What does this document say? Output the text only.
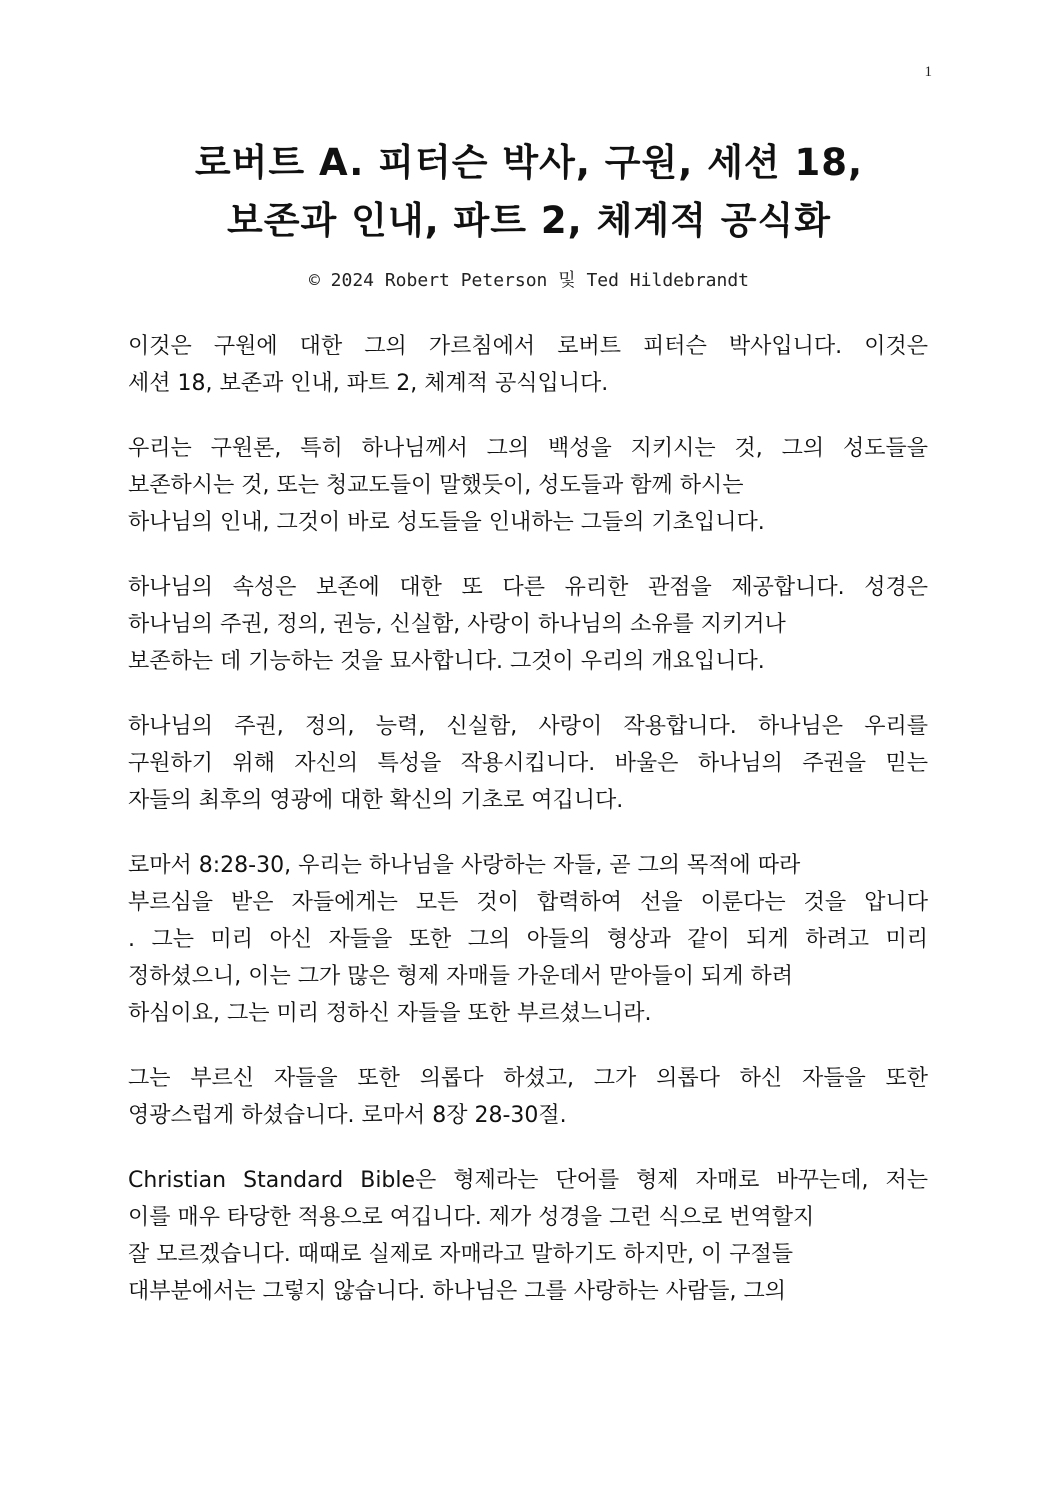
1
로버트 A. 피터슨 박사, 구원, 세션 18,
보존과 인내, 파트 2, 체계적 공식화
© 2024 Robert Peterson 및 Ted Hildebrandt
이것은 구원에 대한 그의 가르침에서 로버트 피터슨 박사입니다. 이것은
세션 18, 보존과 인내, 파트 2, 체계적 공식입니다.
우리는 구원론, 특히 하나님께서 그의 백성을 지키시는 것, 그의 성도들을
보존하시는 것, 또는 청교도들이 말했듯이, 성도들과 함께 하시는
하나님의 인내, 그것이 바로 성도들을 인내하는 그들의 기초입니다.
하나님의 속성은 보존에 대한 또 다른 유리한 관점을 제공합니다. 성경은
하나님의 주권, 정의, 권능, 신실함, 사랑이 하나님의 소유를 지키거나
보존하는 데 기능하는 것을 묘사합니다. 그것이 우리의 개요입니다.
하나님의 주권, 정의, 능력, 신실함, 사랑이 작용합니다. 하나님은 우리를
구원하기 위해 자신의 특성을 작용시킵니다. 바울은 하나님의 주권을 믿는
자들의 최후의 영광에 대한 확신의 기초로 여깁니다.
로마서 8:28-30, 우리는 하나님을 사랑하는 자들, 곧 그의 목적에 따라
부르심을 받은 자들에게는 모든 것이 합력하여 선을 이룬다는 것을 압니다
. 그는 미리 아신 자들을 또한 그의 아들의 형상과 같이 되게 하려고 미리
정하셨으니, 이는 그가 많은 형제 자매들 가운데서 맏아들이 되게 하려
하심이요, 그는 미리 정하신 자들을 또한 부르셨느니라.
그는 부르신 자들을 또한 의롭다 하셨고, 그가 의롭다 하신 자들을 또한
영광스럽게 하셨습니다. 로마서 8장 28-30절.
Christian Standard Bible은 형제라는 단어를 형제 자매로 바꾸는데, 저는
이를 매우 타당한 적용으로 여깁니다. 제가 성경을 그런 식으로 번역할지
잘 모르겠습니다. 때때로 실제로 자매라고 말하기도 하지만, 이 구절들
대부분에서는 그렇지 않습니다. 하나님은 그를 사랑하는 사람들, 그의
